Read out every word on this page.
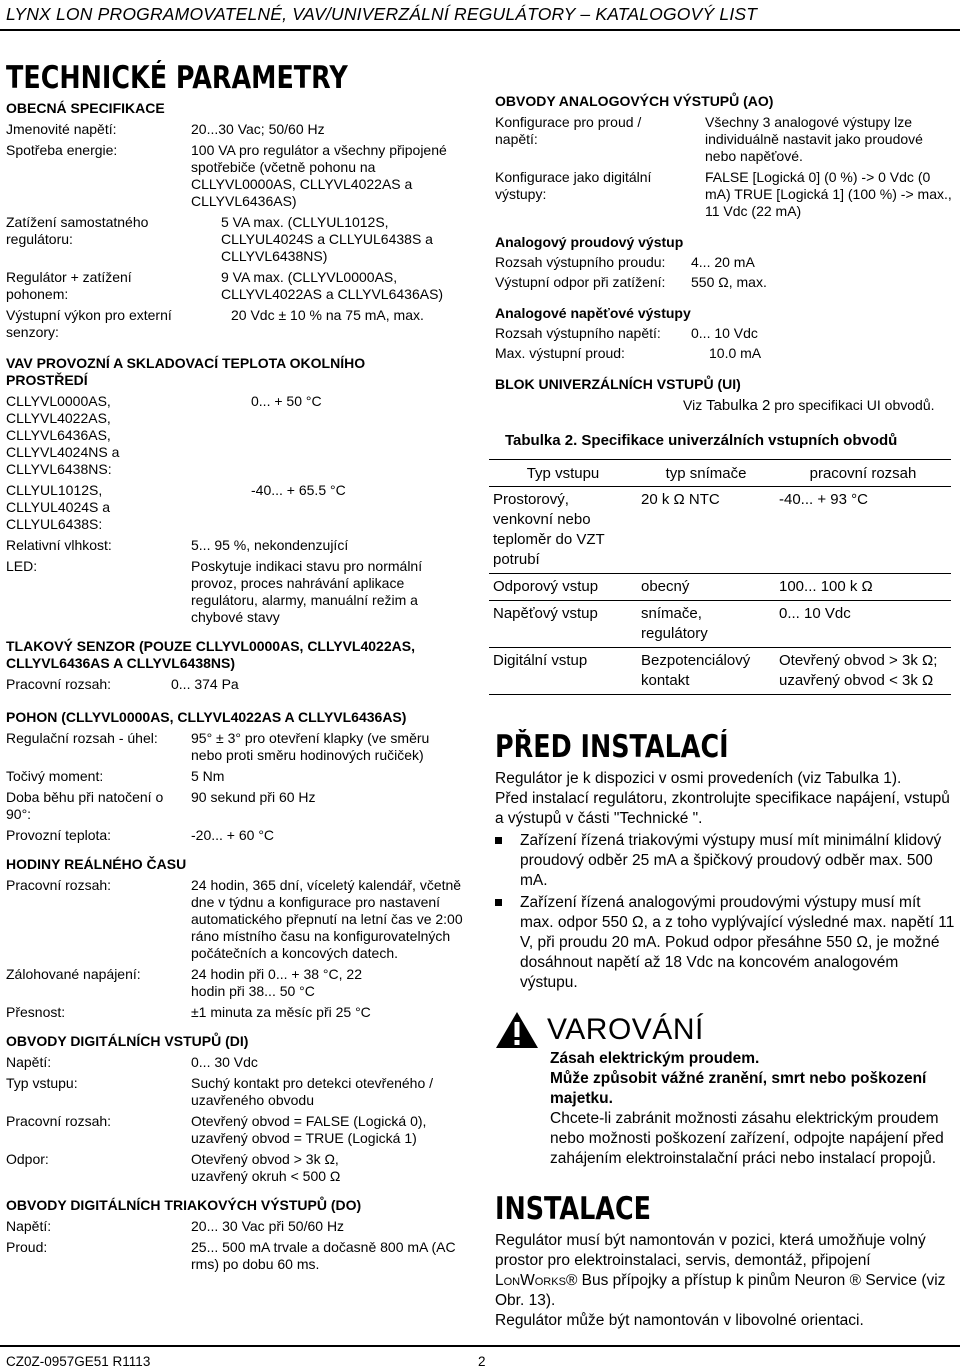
LYNX LON PROGRAMOVATELNÉ, VAV/UNIVERZÁLNÍ REGULÁTORY – KATALOGOVÝ LIST
TECHNICKÉ PARAMETRY
OBECNÁ SPECIFIKACE
Jmenovité napětí:	20...30 Vac; 50/60 Hz
Spotřeba energie:	100 VA pro regulátor a všechny připojené spotřebiče (včetně pohonu na CLLYVL0000AS, CLLYVL4022AS a CLLYVL6436AS)
Zatížení samostatného regulátoru:
5 VA max. (CLLYUL1012S, CLLYUL4024S a CLLYUL6438S a CLLYVL6438NS)
Regulátor + zatížení pohonem:
9 VA max. (CLLYVL0000AS, CLLYVL4022AS a CLLYVL6436AS)
Výstupní výkon pro externí senzory:
20 Vdc ± 10 % na 75 mA, max.
VAV PROVOZNÍ A SKLADOVACÍ TEPLOTA OKOLNÍHO PROSTŘEDÍ
CLLYVL0000AS, CLLYVL4022AS, CLLYVL6436AS, CLLYVL4024NS a CLLYVL6438NS:
0... + 50 °C
CLLYUL1012S, CLLYUL4024S a CLLYUL6438S:
-40... + 65.5 °C
Relativní vlhkost:	5... 95 %, nekondenzující
LED:	Poskytuje indikaci stavu pro normální provoz, proces nahrávání aplikace regulátoru, alarmy, manuální režim a chybové stavy
TLAKOVÝ SENZOR (POUZE CLLYVL0000AS, CLLYVL4022AS, CLLYVL6436AS A CLLYVL6438NS)
Pracovní rozsah:	0... 374 Pa
POHON (CLLYVL0000AS, CLLYVL4022AS A CLLYVL6436AS)
Regulační rozsah - úhel:	95° ± 3° pro otevření klapky (ve směru nebo proti směru hodinových ručiček)
Točivý moment:	5 Nm
Doba běhu při natočení o 90°:
90 sekund při 60 Hz
Provozní teplota:	-20... + 60 °C
HODINY REÁLNÉHO ČASU
Pracovní rozsah:	24 hodin, 365 dní, víceletý kalendář, včetně dne v týdnu a konfigurace pro nastavení automatického přepnutí na letní čas ve 2:00 ráno místního času na konfigurovatelných počátečních a koncových datech.
Zálohované napájení:	24 hodin při 0... + 38 °C, 22 hodin při 38... 50 °C
Přesnost:	±1 minuta za měsíc při 25 °C
OBVODY DIGITÁLNÍCH VSTUPŮ (DI)
Napětí:	0... 30 Vdc
Typ vstupu:	Suchý kontakt pro detekci otevřeného / uzavřeného obvodu
Pracovní rozsah:	Otevřený obvod = FALSE (Logická 0), uzavřený obvod = TRUE (Logická 1)
Odpor:	Otevřený obvod > 3k Ω, uzavřený okruh < 500 Ω
OBVODY DIGITÁLNÍCH TRIAKOVÝCH VÝSTUPŮ (DO)
Napětí:	20... 30 Vac při 50/60 Hz
Proud:	25... 500 mA trvale a dočasně 800 mA (AC rms) po dobu 60 ms.
OBVODY ANALOGOVÝCH VÝSTUPŮ (AO)
Konfigurace pro proud / napětí:
Všechny 3 analogové výstupy lze individuálně nastavit jako proudové nebo napěťové.
Konfigurace jako digitální výstupy:
FALSE [Logická 0] (0 %) -> 0 Vdc (0 mA) TRUE [Logická 1] (100 %) -> max., 11 Vdc (22 mA)
Analogový proudový výstup
Rozsah výstupního proudu:	4... 20 mA
Výstupní odpor při zatížení:	550 Ω, max.
Analogové napěťové výstupy
Rozsah výstupního napětí:	0... 10 Vdc
Max. výstupní proud:	10.0 mA
BLOK UNIVERZÁLNÍCH VSTUPŮ (UI)
Viz Tabulka 2 pro specifikaci UI obvodů.
Tabulka 2. Specifikace univerzálních vstupních obvodů
Typ vstupu	typ snímače	pracovní rozsah
Prostorový, venkovní nebo teploměr do VZT potrubí	20 k Ω NTC	-40... + 93 °C
Odporový vstup	obecný	100... 100 k Ω
Napěťový vstup	snímače, regulátory	0... 10 Vdc
Digitální vstup	Bezpotenciálový kontakt	Otevřený obvod > 3k Ω; uzavřený obvod < 3k Ω
PŘED INSTALACÍ
Regulátor je k dispozici v osmi provedeních (viz Tabulka 1).
Před instalací regulátoru, zkontrolujte specifikace napájení, vstupů a výstupů v části "Technické ".
Zařízení řízená triakovými výstupy musí mít minimální klidový proudový odběr 25 mA a špičkový proudový odběr max. 500 mA.
Zařízení řízená analogovými proudovými výstupy musí mít max. odpor 550 Ω, a z toho vyplývající výsledné max. napětí 11 V, při proudu 20 mA. Pokud odpor přesáhne 550 Ω, je možné dosáhnout napětí až 18 Vdc na koncovém analogovém výstupu.
VAROVÁNÍ
Zásah elektrickým proudem.
Může způsobit vážné zranění, smrt nebo poškození majetku.
Chcete-li zabránit možnosti zásahu elektrickým proudem nebo možnosti poškození zařízení, odpojte napájení před zahájením elektroinstalační práci nebo instalací propojů.
INSTALACE
Regulátor musí být namontován v pozici, která umožňuje volný prostor pro elektroinstalaci, servis, demontáž, připojení LonWorks® Bus přípojky a přístup k pinům Neuron ® Service (viz Obr. 13).
Regulátor může být namontován v libovolné orientaci.
CZ0Z-0957GE51 R1113	2
